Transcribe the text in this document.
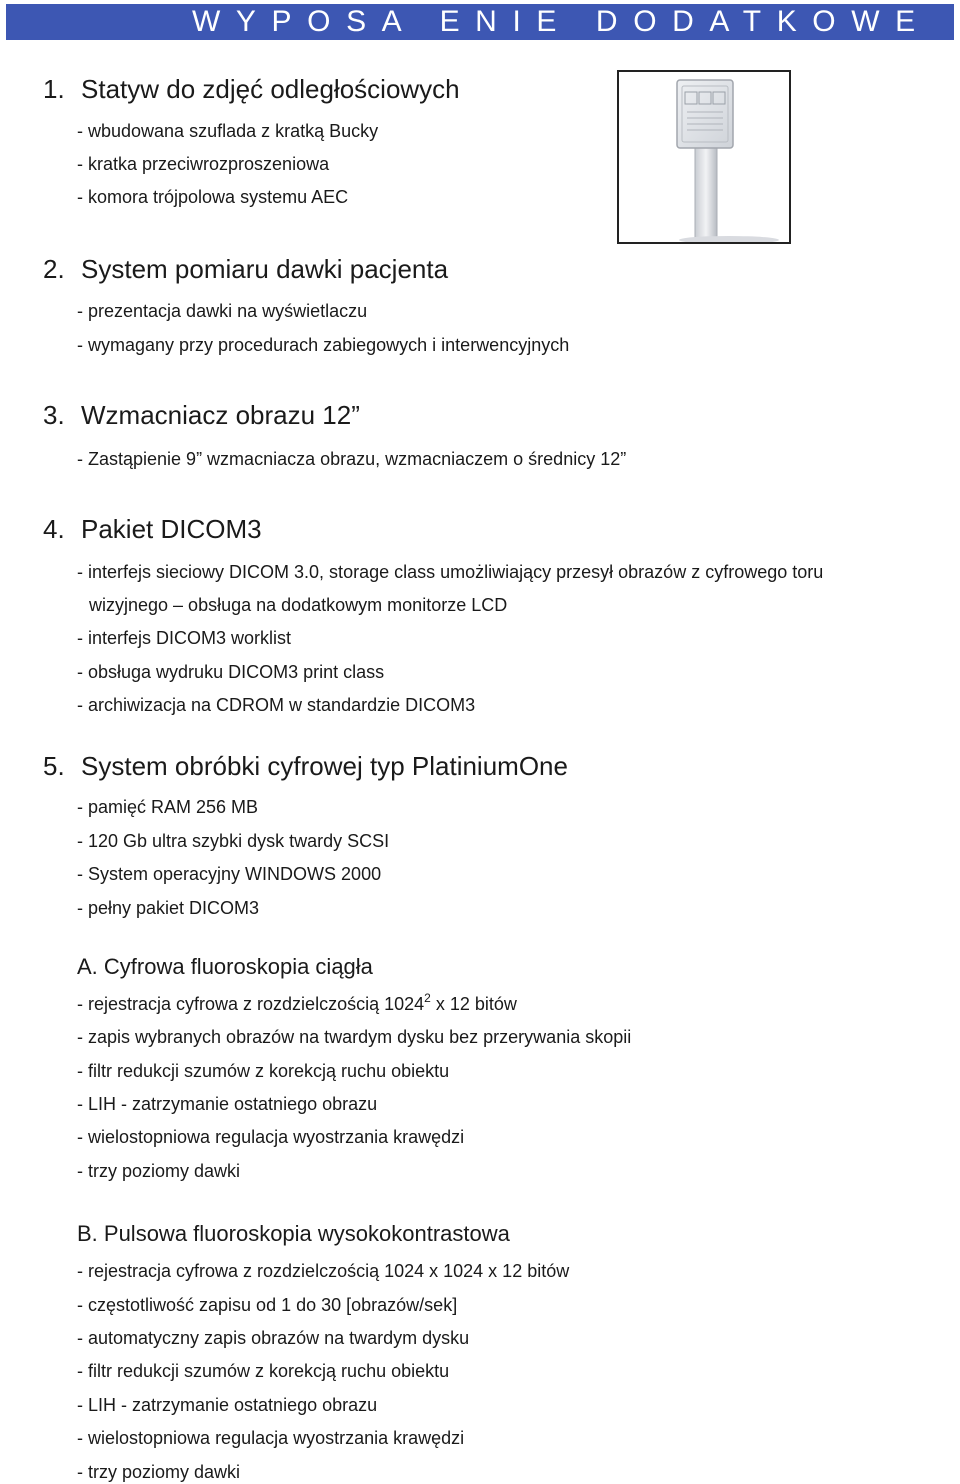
WYPOSA ENIE DODATKOWE
1. Statyw do zdjęć odległościowych
- wbudowana szuflada z kratką Bucky
- kratka przeciwrozproszeniowa
- komora trójpolowa systemu AEC
2. System pomiaru dawki pacjenta
- prezentacja dawki na wyświetlaczu
- wymagany przy procedurach zabiegowych i interwencyjnych
3. Wzmacniacz obrazu 12”
- Zastąpienie 9” wzmacniacza obrazu, wzmacniaczem o średnicy 12”
4. Pakiet DICOM3
- interfejs sieciowy DICOM 3.0, storage class umożliwiający przesył obrazów z cyfrowego toru
wizyjnego – obsługa na dodatkowym monitorze LCD
- interfejs DICOM3 worklist
- obsługa wydruku DICOM3 print class
- archiwizacja na CDROM w standardzie DICOM3
5. System obróbki cyfrowej typ PlatiniumOne
- pamięć RAM 256 MB
- 120 Gb ultra szybki dysk twardy SCSI
- System operacyjny WINDOWS 2000
- pełny pakiet DICOM3
A. Cyfrowa fluoroskopia ciągła
- rejestracja cyfrowa z rozdzielczością 1024$^2$ x 12 bitów
- zapis wybranych obrazów na twardym dysku bez przerywania skopii
- filtr redukcji szumów z korekcją ruchu obiektu
- LIH - zatrzymanie ostatniego obrazu
- wielostopniowa regulacja wyostrzania krawędzi
- trzy poziomy dawki
B. Pulsowa fluoroskopia wysokokontrastowa
- rejestracja cyfrowa z rozdzielczością 1024 x 1024 x 12 bitów
- częstotliwość zapisu od 1 do 30 [obrazów/sek]
- automatyczny zapis obrazów na twardym dysku
- filtr redukcji szumów z korekcją ruchu obiektu
- LIH - zatrzymanie ostatniego obrazu
- wielostopniowa regulacja wyostrzania krawędzi
- trzy poziomy dawki
